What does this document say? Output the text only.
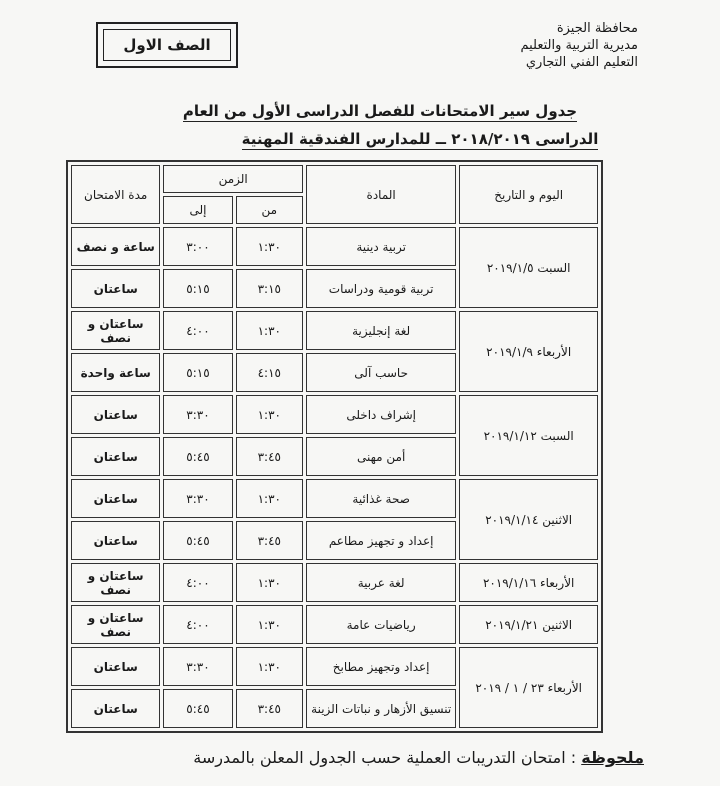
محافظة الجيزة
مديرية التربية والتعليم
التعليم الفني التجاري
الصف الاول
جدول سير الامتحانات للفصل الدراسى الأول من العام
الدراسى ٢٠١٨/٢٠١٩ ــ للمدارس الفندقية المهنية
اليوم و التاريخ	المادة	الزمن		مدة الامتحان
		من	إلى	
السبت ٢٠١٩/١/٥	تربية دينية	١:٣٠	٣:٠٠	ساعة و نصف
	تربية قومية ودراسات	٣:١٥	٥:١٥	ساعتان
الأربعاء ٢٠١٩/١/٩	لغة إنجليزية	١:٣٠	٤:٠٠	ساعتان و نصف
	حاسب آلى	٤:١٥	٥:١٥	ساعة واحدة
السبت ٢٠١٩/١/١٢	إشراف داخلى	١:٣٠	٣:٣٠	ساعتان
	أمن مهنى	٣:٤٥	٥:٤٥	ساعتان
الاثنين ٢٠١٩/١/١٤	صحة غذائية	١:٣٠	٣:٣٠	ساعتان
	إعداد و تجهيز مطاعم	٣:٤٥	٥:٤٥	ساعتان
الأربعاء ٢٠١٩/١/١٦	لغة عربية	١:٣٠	٤:٠٠	ساعتان و نصف
الاثنين ٢٠١٩/١/٢١	رياضيات عامة	١:٣٠	٤:٠٠	ساعتان و نصف
الأربعاء ٢٣ / ١ / ٢٠١٩	إعداد وتجهيز مطابخ	١:٣٠	٣:٣٠	ساعتان
	تنسيق الأزهار و نباتات الزينة	٣:٤٥	٥:٤٥	ساعتان
ملحوظة : امتحان التدريبات العملية حسب الجدول المعلن بالمدرسة
